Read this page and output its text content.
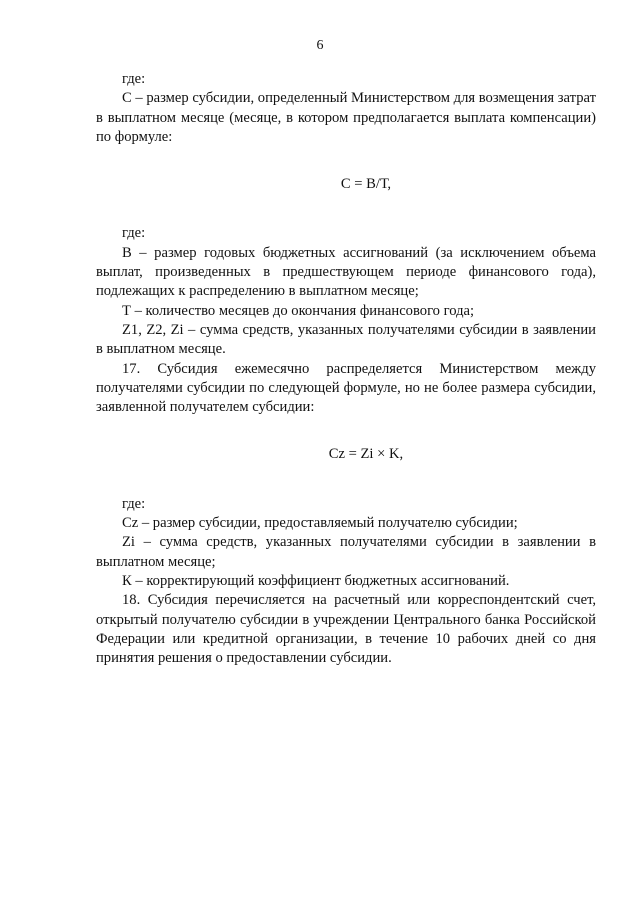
6

где:

С – размер субсидии, определенный Министерством для возмещения затрат в выплатном месяце (месяце, в котором предполагается выплата компенсации) по формуле:

С = В/Т,

где:

В – размер годовых бюджетных ассигнований (за исключением объема выплат, произведенных в предшествующем периоде финансового года), подлежащих к распределению в выплатном месяце;

Т – количество месяцев до окончания финансового года;

Z1, Z2, Zi – сумма средств, указанных получателями субсидии в заявлении в выплатном месяце.

17. Субсидия ежемесячно распределяется Министерством между получателями субсидии по следующей формуле, но не более размера субсидии, заявленной получателем субсидии:

Cz = Zi × K,

где:

Cz – размер субсидии, предоставляемый получателю субсидии;

Zi – сумма средств, указанных получателями субсидии в заявлении в выплатном месяце;

К – корректирующий коэффициент бюджетных ассигнований.

18. Субсидия перечисляется на расчетный или корреспондентский счет, открытый получателю субсидии в учреждении Центрального банка Российской Федерации или кредитной организации, в течение 10 рабочих дней со дня принятия решения о предоставлении субсидии.
